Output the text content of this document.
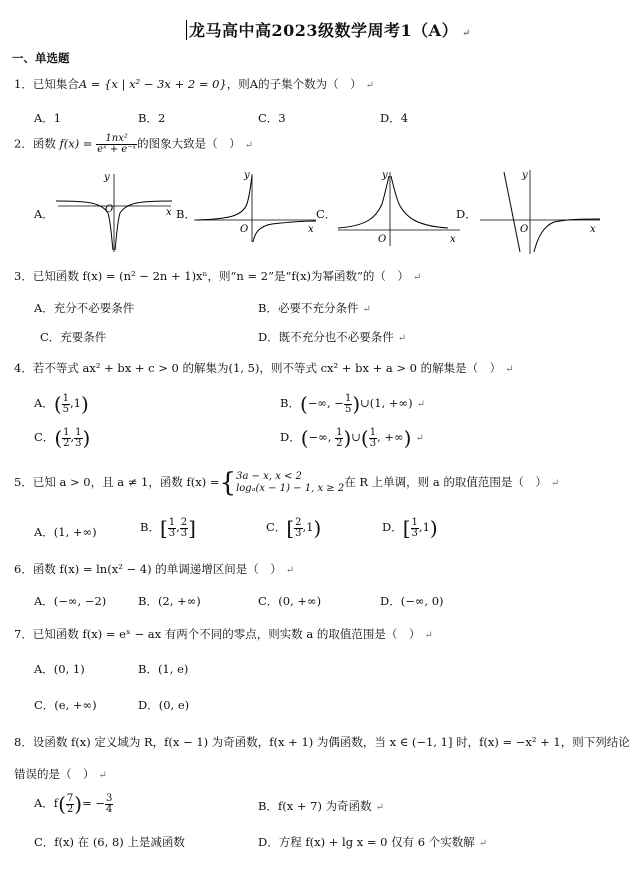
龙马高中高2023级数学周考1（A） ↵
一、单选题
1．已知集合A = {x | x² − 3x + 2 = 0}，则A的子集个数为（　） ↵
A．1	B．2	C．3	D．4
2．函数 $f(x) = \frac{\text{1nx²}}{\text{eˣ + e⁻ˣ}}$ 的图象大致是（　） ↵
A．	O
y
x B．
O
y
x
C．
O
y
x
D．
O
y
x
3．已知函数 f(x) = (n² − 2n + 1)xⁿ，则“n = 2”是“f(x)为幂函数”的（　） ↵
A．充分不必要条件	B．必要不充分条件 ↵
C．充要条件	D．既不充分也不必要条件 ↵
4．若不等式 ax² + bx + c > 0 的解集为(1, 5)，则不等式 cx² + bx + a > 0 的解集是（　） ↵
A．( $\frac{1}{5} ,1$)	B．(−∞, − $\frac{1}{5}$ )∪(1, +∞) ↵
C．( $\frac{1}{2}$ , $\frac{1}{3}$ )	D．(−∞, $\frac{1}{2}$ )∪( $\frac{1}{3}$ , +∞) ↵
5．已知 a > 0，且 a ≠ 1，函数 f(x) ={3a − x, x < 2
logₐ(x − 1) − 1, x ≥ 2在 R 上单调，则 a 的取值范围是（　） ↵
A．(1, +∞)	B．[ $\frac{1}{3}$ , $\frac{2}{3}$ ]	C．[ $\frac{2}{3} ,1$)	D．[ $\frac{1}{3} ,1$)
6．函数 f(x) = ln(x² − 4) 的单调递增区间是（　） ↵
A．(−∞, −2)	B．(2, +∞)	C．(0, +∞)	D．(−∞, 0)
7．已知函数 f(x) = eˣ − ax 有两个不同的零点，则实数 a 的取值范围是（　） ↵
A．(0, 1)	B．(1, e)
C．(e, +∞)	D．(0, e)
8．设函数 f(x) 定义域为 R，f(x − 1) 为奇函数，f(x + 1) 为偶函数，当 x ∈ (−1, 1] 时，f(x) = −x² + 1，则下列结论
错误的是（　） ↵
A．$f( \frac{7}{2}$ )= − $\frac{3}{4}$	B．f(x + 7) 为奇函数 ↵
C．f(x) 在 (6, 8) 上是减函数	D．方程 f(x) + lg x = 0 仅有 6 个实数解 ↵
